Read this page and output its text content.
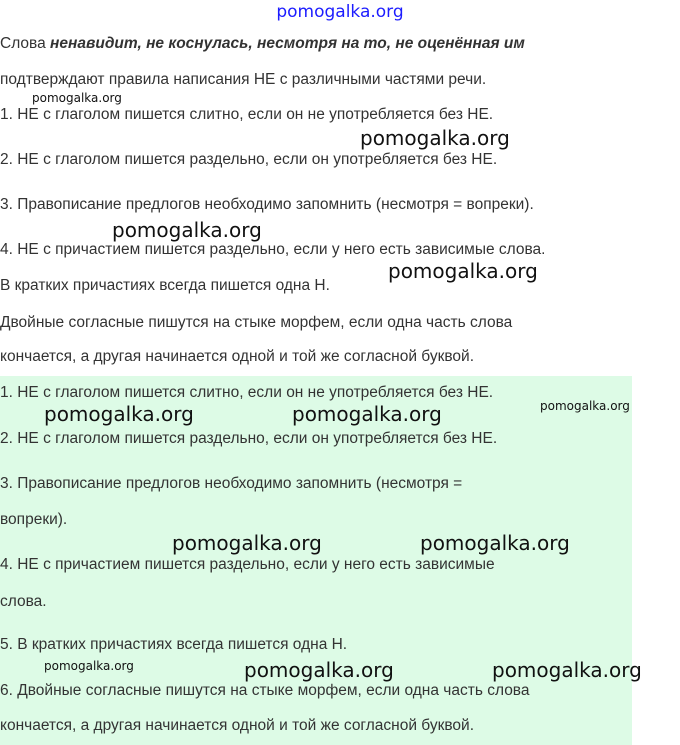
pomogalka.org
Слова ненавидит, не коснулась, несмотря на то, не оценённая им
подтверждают правила написания НЕ с различными частями речи.
1. НЕ с глаголом пишется слитно, если он не употребляется без НЕ.
2. НЕ с глаголом пишется раздельно, если он употребляется без НЕ.
3. Правописание предлогов необходимо запомнить (несмотря = вопреки).
4. НЕ с причастием пишется раздельно, если у него есть зависимые слова.
В кратких причастиях всегда пишется одна Н.
Двойные согласные пишутся на стыке морфем, если одна часть слова
кончается, а другая начинается одной и той же согласной буквой.
1. НЕ с глаголом пишется слитно, если он не употребляется без НЕ.
2. НЕ с глаголом пишется раздельно, если он употребляется без НЕ.
3. Правописание предлогов необходимо запомнить (несмотря =
вопреки).
4. НЕ с причастием пишется раздельно, если у него есть зависимые
слова.
5. В кратких причастиях всегда пишется одна Н.
6. Двойные согласные пишутся на стыке морфем, если одна часть слова
кончается, а другая начинается одной и той же согласной буквой.
pomogalka.org
pomogalka.org
pomogalka.org
pomogalka.org
pomogalka.org	pomogalka.org	pomogalka.org
pomogalka.org	pomogalka.org
pomogalka.org	pomogalka.org	pomogalka.org
